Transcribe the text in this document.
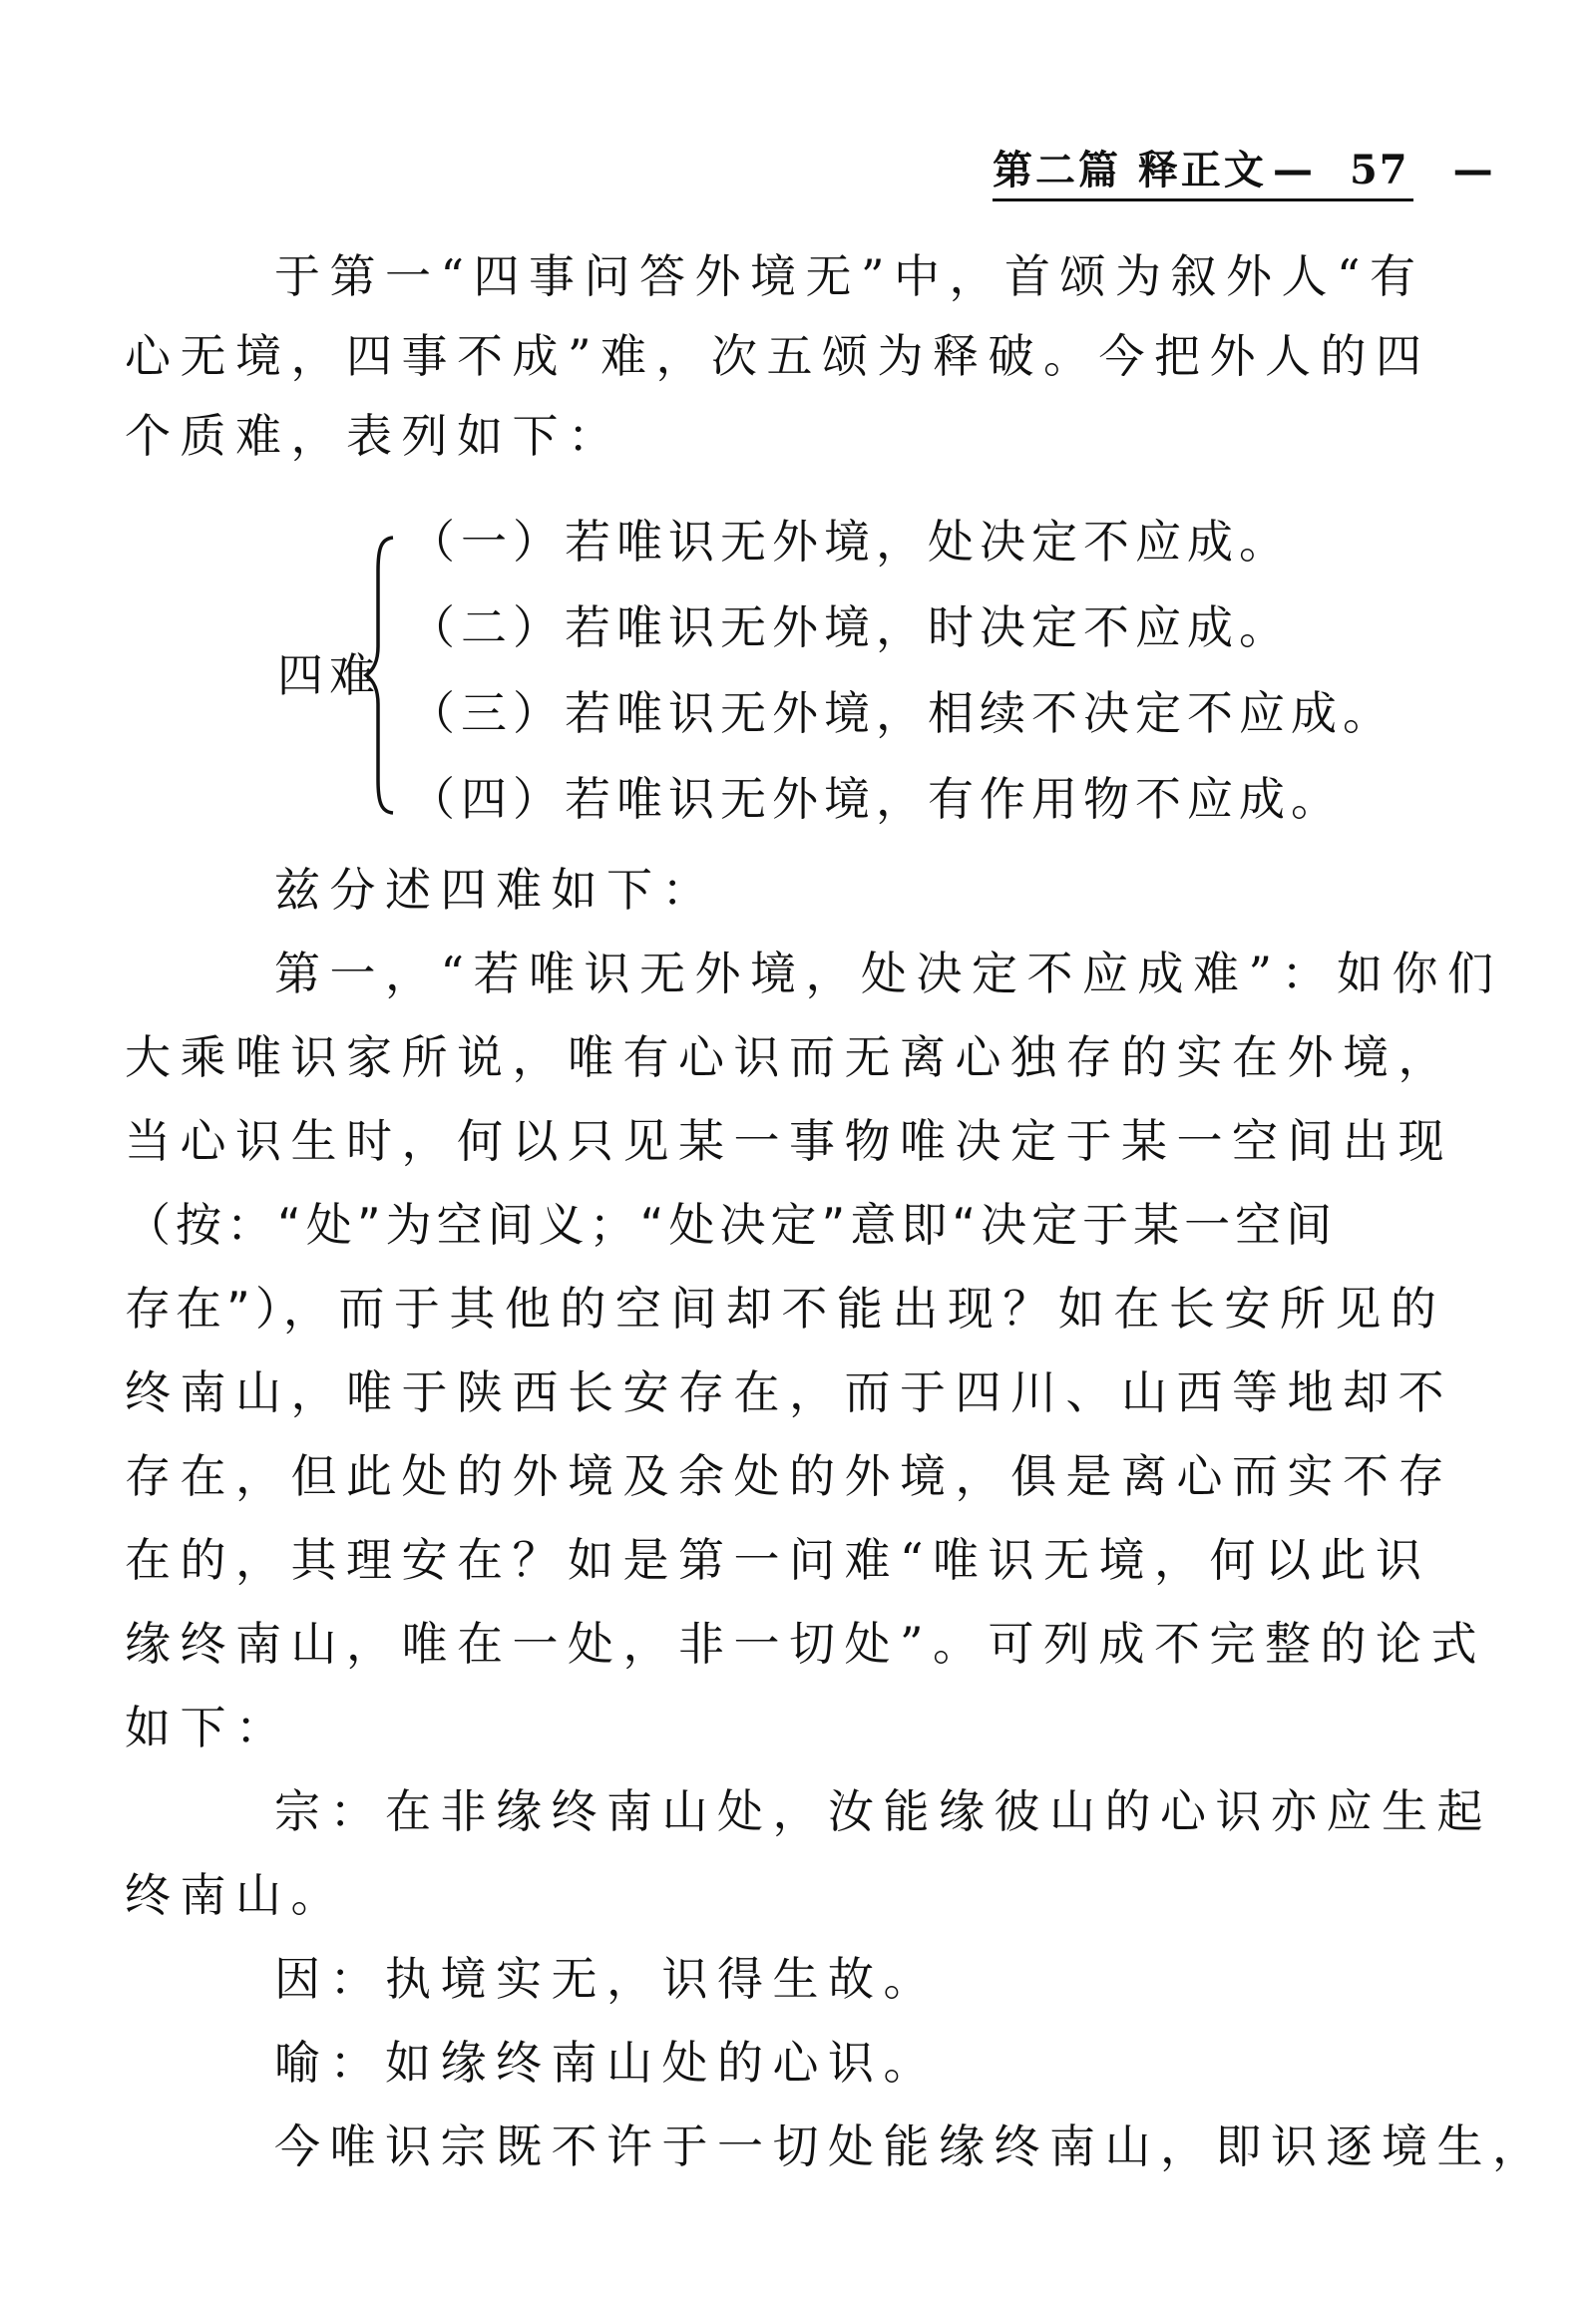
第二篇 释正文 — 57 —
于第一“四事问答外境无”中，首颂为叙外人“有
心无境，四事不成”难，次五颂为释破。今把外人的四
个质难，表列如下：
四难
（一）若唯识无外境，处决定不应成。
（二）若唯识无外境，时决定不应成。
（三）若唯识无外境，相续不决定不应成。
（四）若唯识无外境，有作用物不应成。
兹分述四难如下：
第一，“若唯识无外境，处决定不应成难”：如你们
大乘唯识家所说，唯有心识而无离心独存的实在外境，
当心识生时，何以只见某一事物唯决定于某一空间出现
（按：“处”为空间义；“处决定”意即“决定于某一空间
存在”），而于其他的空间却不能出现？如在长安所见的
终南山，唯于陕西长安存在，而于四川、山西等地却不
存在，但此处的外境及余处的外境，俱是离心而实不存
在的，其理安在？如是第一问难“唯识无境，何以此识
缘终南山，唯在一处，非一切处”。可列成不完整的论式
如下：
宗：在非缘终南山处，汝能缘彼山的心识亦应生起
终南山。
因：执境实无，识得生故。
喻：如缘终南山处的心识。
今唯识宗既不许于一切处能缘终南山，即识逐境生，
